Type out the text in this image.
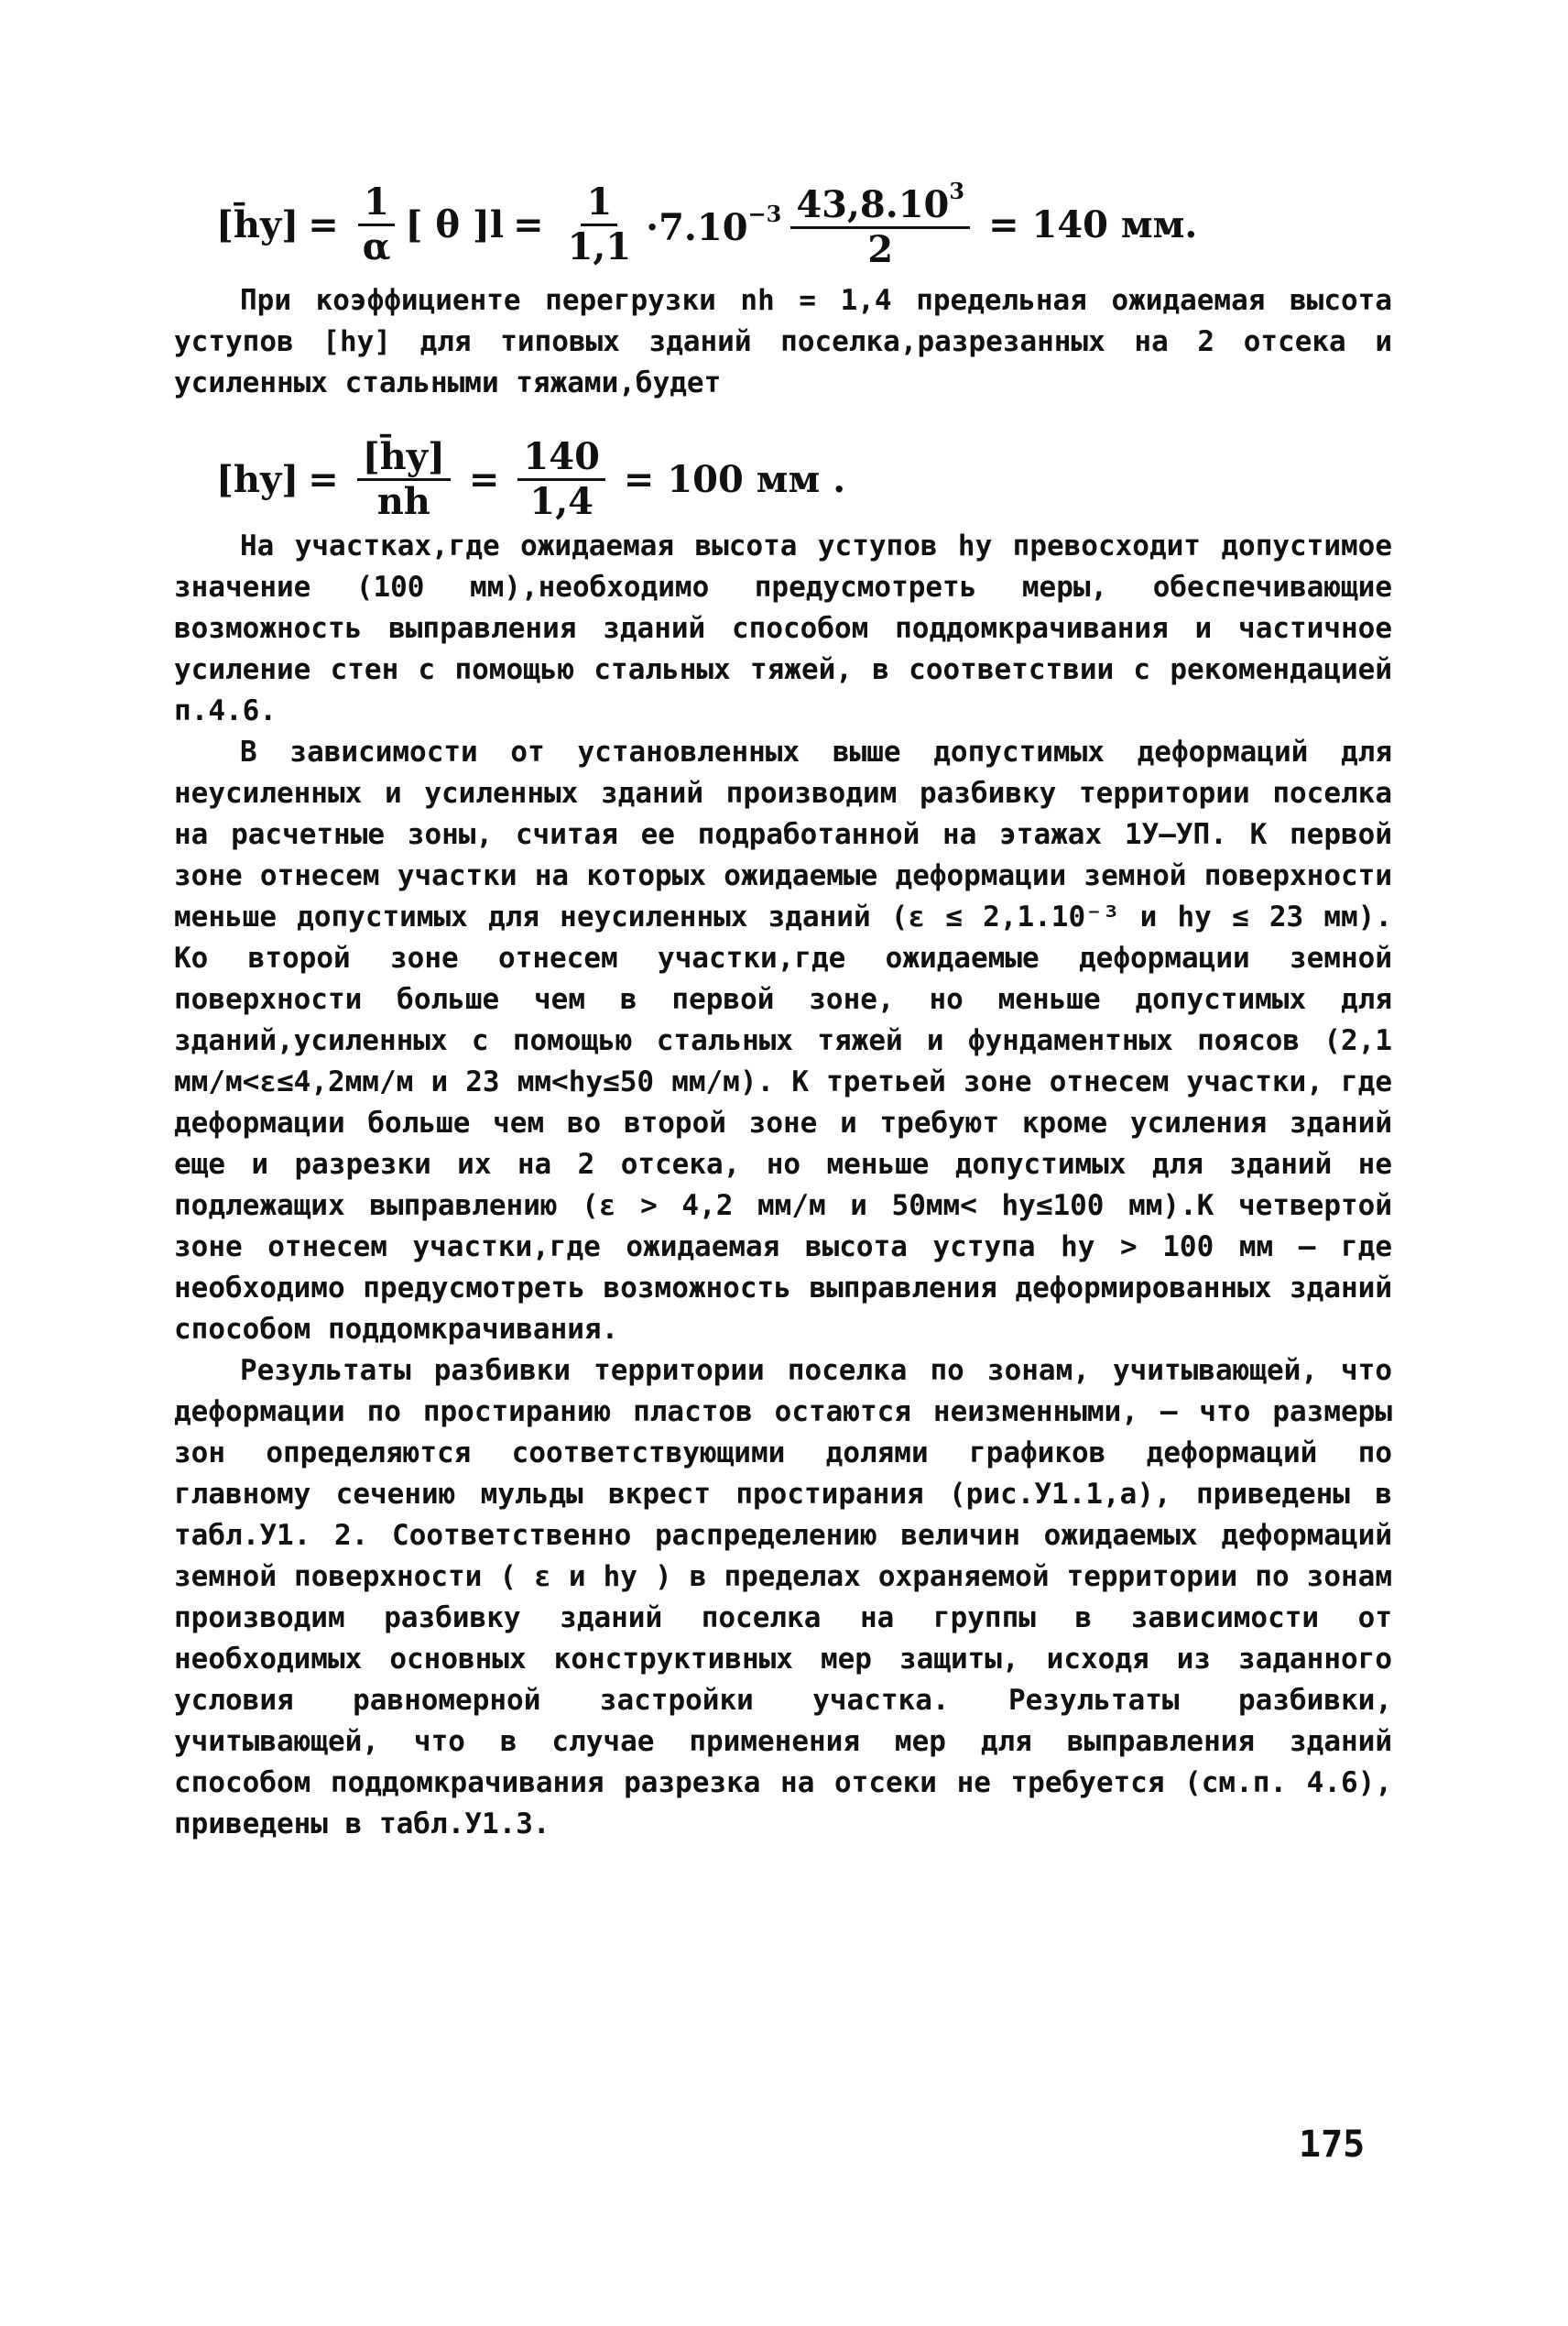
[h̄y] = $\frac{1}{\alpha}$ [ θ ]$l = \frac{1}{1,1} \cdot 7.10^{-3} \frac{43,8.10^3}{2} = 140$ мм.

При коэффициенте перегрузки nh = 1,4 предельная ожидаемая высота уступов [hy] для типовых зданий поселка,разрезанных на 2 отсека и усиленных стальными тяжами,будет

$[hy] = \frac{[h̄y]}{nh} = \frac{140}{1,4} = 100$ мм .

На участках,где ожидаемая высота уступов hy превосходит допустимое значение (100 мм),необходимо предусмотреть меры, обеспечивающие возможность выправления зданий способом поддомкрачивания и частичное усиление стен с помощью стальных тяжей, в соответствии с рекомендацией п.4.6.

В зависимости от установленных выше допустимых деформаций для неусиленных и усиленных зданий производим разбивку территории поселка на расчетные зоны, считая ее подработанной на этажах 1У–УП. К первой зоне отнесем участки на которых ожидаемые деформации земной поверхности меньше допустимых для неусиленных зданий (ε ≤ 2,1.10⁻³ и hy ≤ 23 мм). Ко второй зоне отнесем участки,где ожидаемые деформации земной поверхности больше чем в первой зоне, но меньше допустимых для зданий,усиленных с помощью стальных тяжей и фундаментных поясов (2,1 мм/м<ε≤4,2мм/м и 23 мм<hy≤50 мм/м). К третьей зоне отнесем участки, где деформации больше чем во второй зоне и требуют кроме усиления зданий еще и разрезки их на 2 отсека, но меньше допустимых для зданий не подлежащих выправлению (ε > 4,2 мм/м и 50мм< hy≤100 мм).К четвертой зоне отнесем участки,где ожидаемая высота уступа hy > 100 мм – где необходимо предусмотреть возможность выправления деформированных зданий способом поддомкрачивания.

Результаты разбивки территории поселка по зонам, учитывающей, что деформации по простиранию пластов остаются неизменными, – что размеры зон определяются соответствующими долями графиков деформаций по главному сечению мульды вкрест простирания (рис.У1.1,а), приведены в табл.У1. 2. Соответственно распределению величин ожидаемых деформаций земной поверхности ( ε и hy ) в пределах охраняемой территории по зонам производим разбивку зданий поселка на группы в зависимости от необходимых основных конструктивных мер защиты, исходя из заданного условия равномерной застройки участка. Результаты разбивки, учитывающей, что в случае применения мер для выправления зданий способом поддомкрачивания разрезка на отсеки не требуется (см.п. 4.6), приведены в табл.У1.3.

175
